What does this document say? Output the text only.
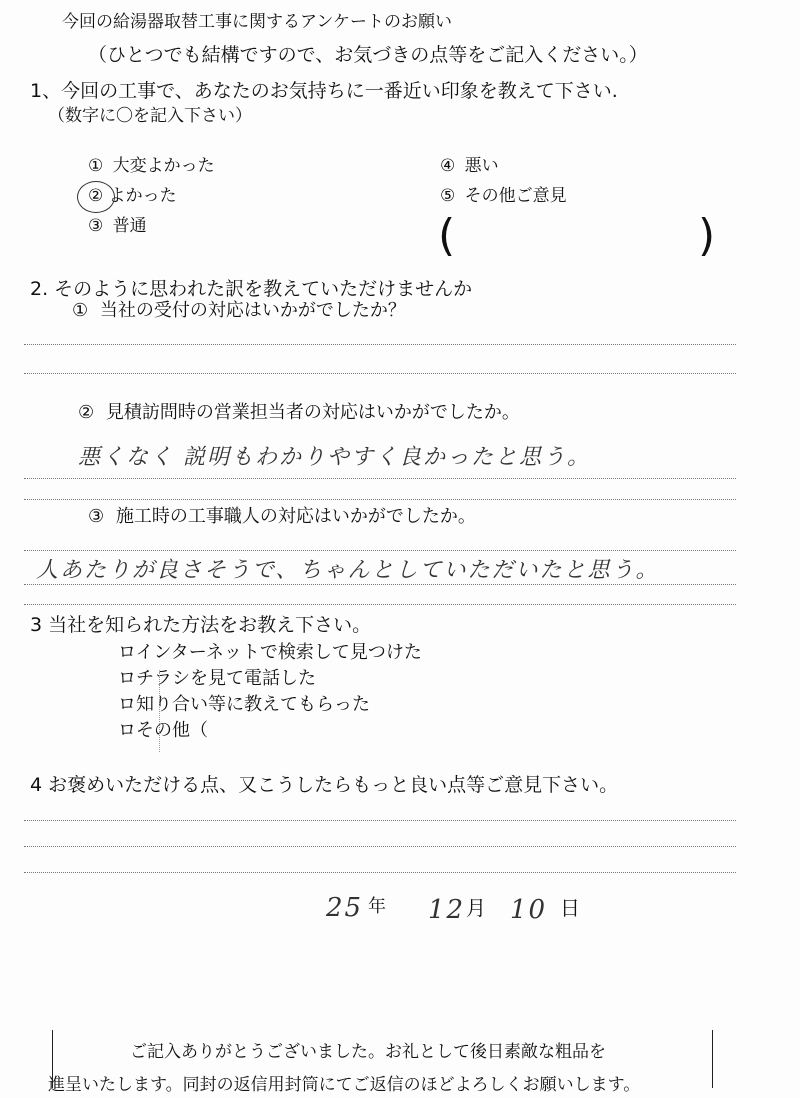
今回の給湯器取替工事に関するアンケートのお願い
（ひとつでも結構ですので、お気づきの点等をご記入ください。）
1、今回の工事で、あなたのお気持ちに一番近い印象を教えて下さい.
（数字に〇を記入下さい）
① 大変よかった
② よかった
③ 普通
④ 悪い
⑤ その他ご意見
(	)
2. そのように思われた訳を教えていただけませんか
① 当社の受付の対応はいかがでしたか？
② 見積訪問時の営業担当者の対応はいかがでしたか。
悪くなく 説明もわかりやすく良かったと思う。
③ 施工時の工事職人の対応はいかがでしたか。
人あたりが良さそうで、ちゃんとしていただいたと思う。
3 当社を知られた方法をお教え下さい。
ロインターネットで検索して見つけた
ロチラシを見て電話した
ロ知り合い等に教えてもらった
ロその他（
4 お褒めいただける点、又こうしたらもっと良い点等ご意見下さい。
25 年 12 月 10 日
ご記入ありがとうございました。お礼として後日素敵な粗品を
進呈いたします。同封の返信用封筒にてご返信のほどよろしくお願いします。
